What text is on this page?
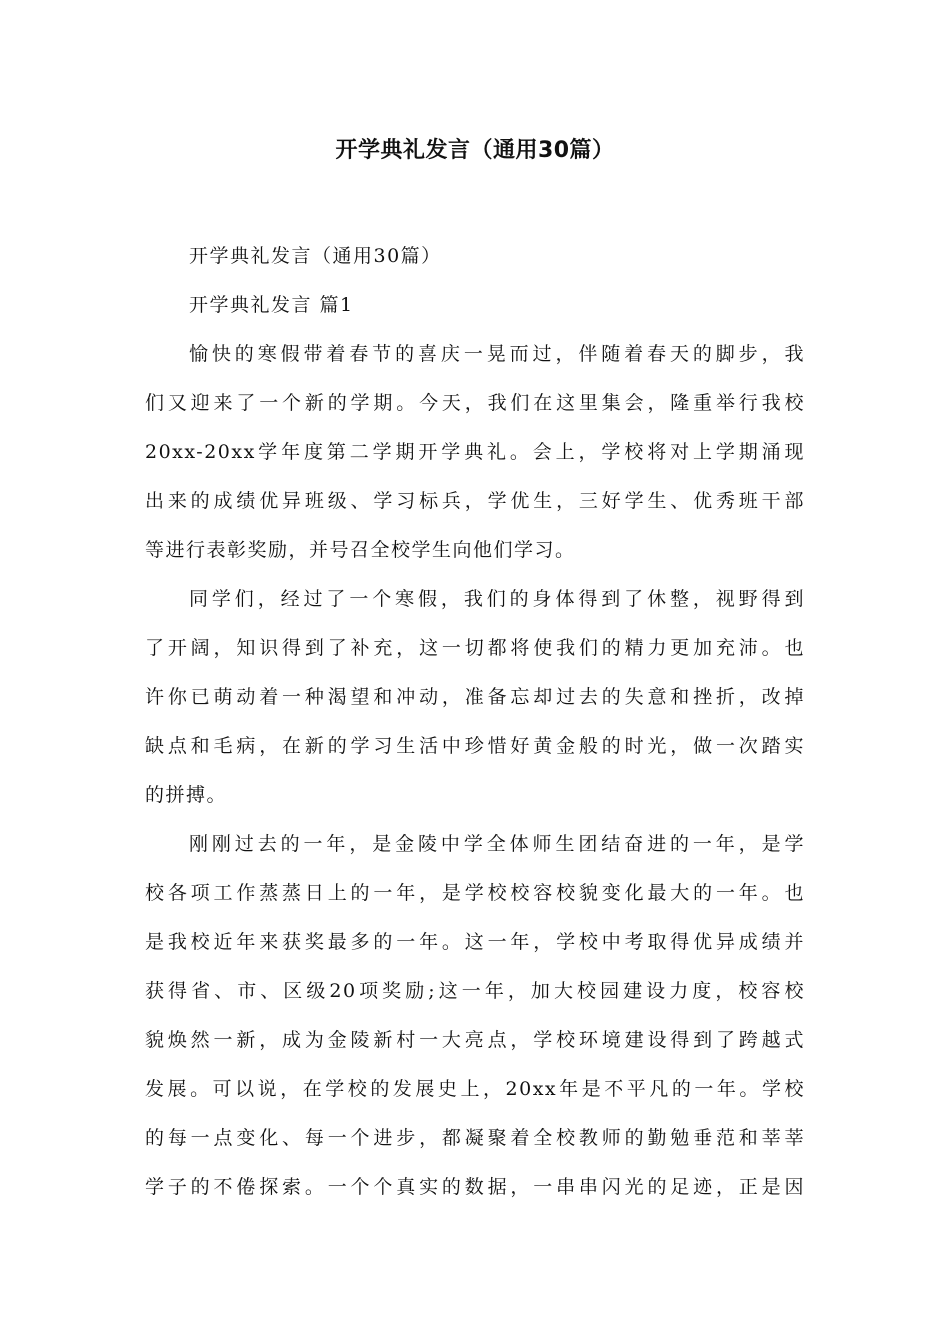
开学典礼发言（通用30篇）

开学典礼发言（通用30篇）

开学典礼发言 篇1

愉快的寒假带着春节的喜庆一晃而过，伴随着春天的脚步，我

们又迎来了一个新的学期。今天，我们在这里集会，隆重举行我校

20xx-20xx学年度第二学期开学典礼。会上，学校将对上学期涌现

出来的成绩优异班级、学习标兵，学优生，三好学生、优秀班干部

等进行表彰奖励，并号召全校学生向他们学习。

同学们，经过了一个寒假，我们的身体得到了休整，视野得到

了开阔，知识得到了补充，这一切都将使我们的精力更加充沛。也

许你已萌动着一种渴望和冲动，准备忘却过去的失意和挫折，改掉

缺点和毛病，在新的学习生活中珍惜好黄金般的时光，做一次踏实

的拼搏。

刚刚过去的一年，是金陵中学全体师生团结奋进的一年，是学

校各项工作蒸蒸日上的一年，是学校校容校貌变化最大的一年。也

是我校近年来获奖最多的一年。这一年，学校中考取得优异成绩并

获得省、市、区级20项奖励;这一年，加大校园建设力度，校容校

貌焕然一新，成为金陵新村一大亮点，学校环境建设得到了跨越式

发展。可以说，在学校的发展史上，20xx年是不平凡的一年。学校

的每一点变化、每一个进步，都凝聚着全校教师的勤勉垂范和莘莘

学子的不倦探索。一个个真实的数据，一串串闪光的足迹，正是因
